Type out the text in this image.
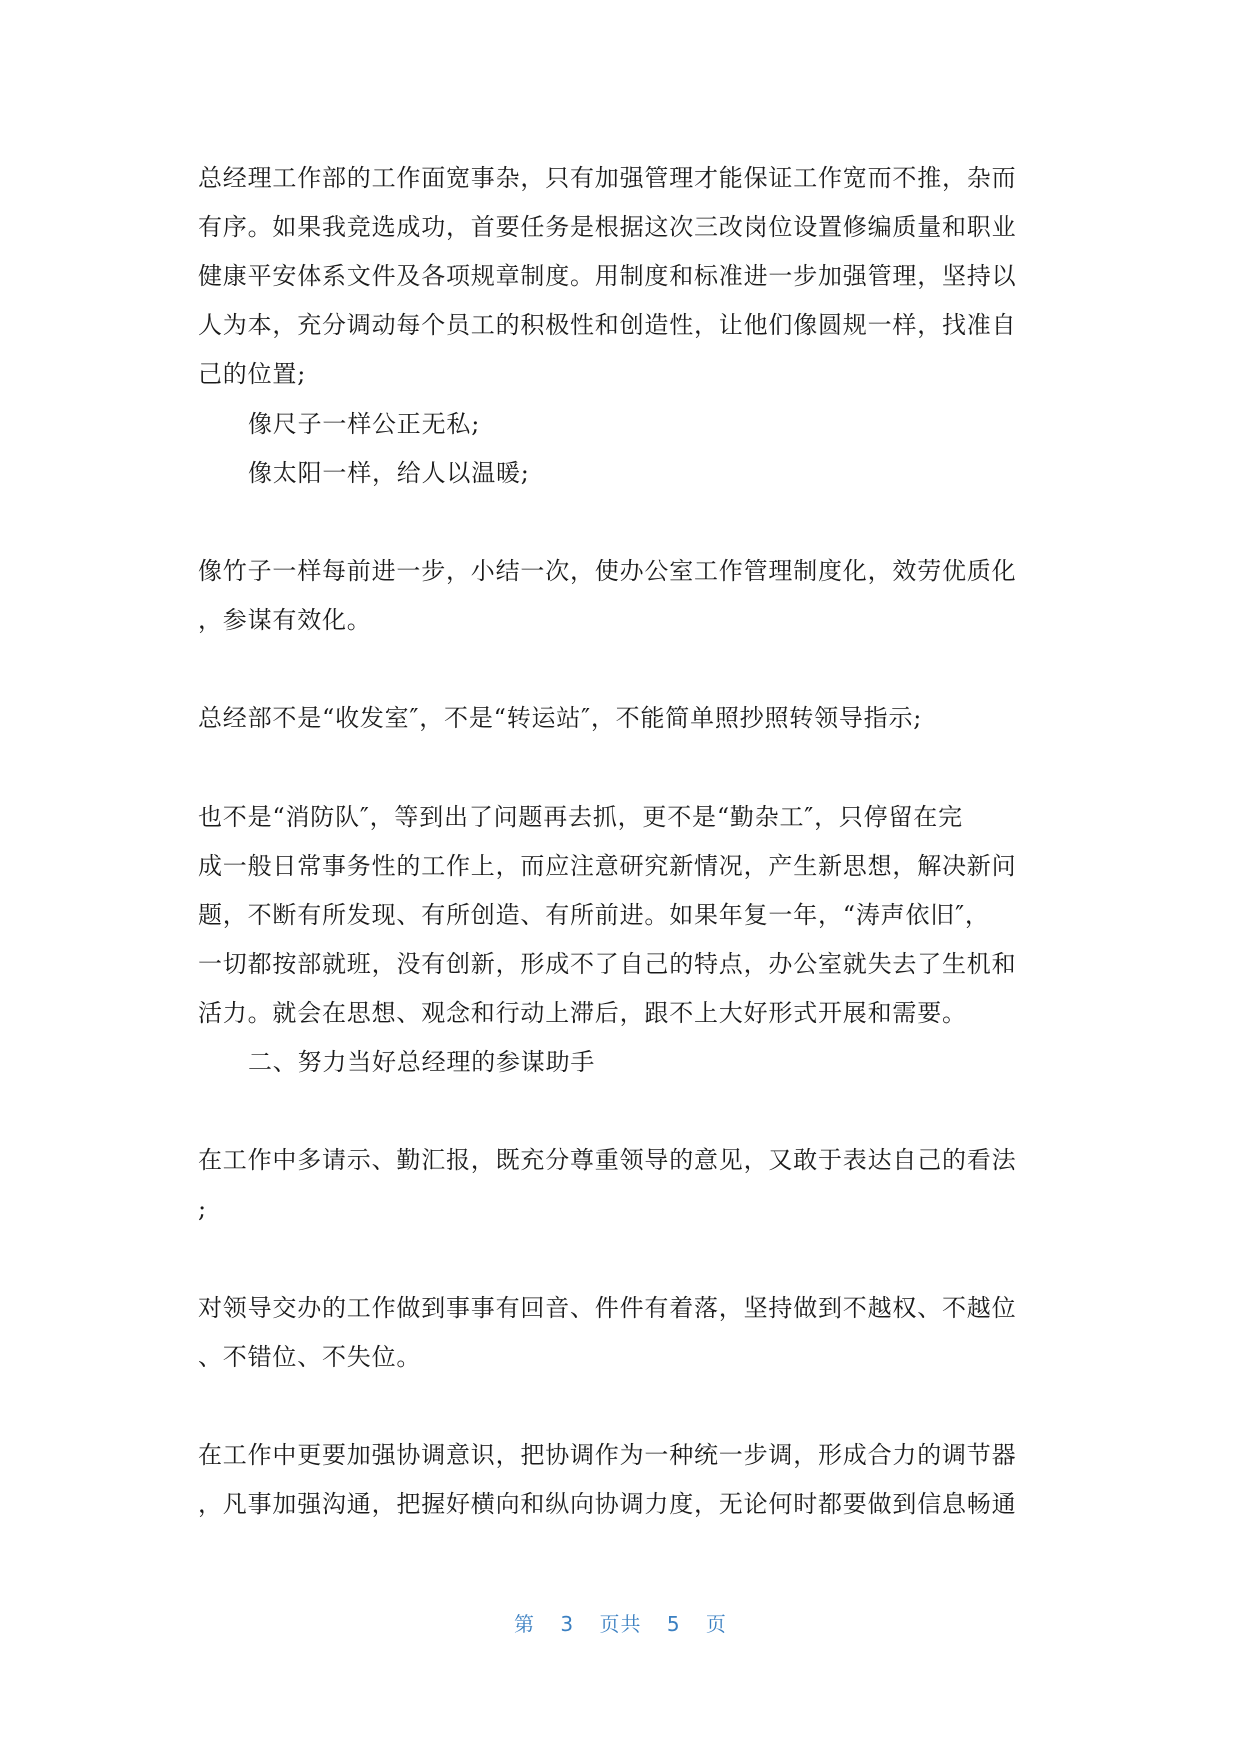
总经理工作部的工作面宽事杂，只有加强管理才能保证工作宽而不推，杂而
有序。如果我竞选成功，首要任务是根据这次三改岗位设置修编质量和职业
健康平安体系文件及各项规章制度。用制度和标准进一步加强管理，坚持以
人为本，充分调动每个员工的积极性和创造性，让他们像圆规一样，找准自
己的位置;
像尺子一样公正无私;
像太阳一样，给人以温暖;
像竹子一样每前进一步，小结一次，使办公室工作管理制度化，效劳优质化
，参谋有效化。
总经部不是“收发室″，不是“转运站″，不能简单照抄照转领导指示;
也不是“消防队″，等到出了问题再去抓，更不是“勤杂工″，只停留在完
成一般日常事务性的工作上，而应注意研究新情况，产生新思想，解决新问
题，不断有所发现、有所创造、有所前进。如果年复一年，“涛声依旧″，
一切都按部就班，没有创新，形成不了自己的特点，办公室就失去了生机和
活力。就会在思想、观念和行动上滞后，跟不上大好形式开展和需要。
二、努力当好总经理的参谋助手
在工作中多请示、勤汇报，既充分尊重领导的意见，又敢于表达自己的看法
;
对领导交办的工作做到事事有回音、件件有着落，坚持做到不越权、不越位
、不错位、不失位。
在工作中更要加强协调意识，把协调作为一种统一步调，形成合力的调节器
，凡事加强沟通，把握好横向和纵向协调力度，无论何时都要做到信息畅通
第 3 页共 5 页
